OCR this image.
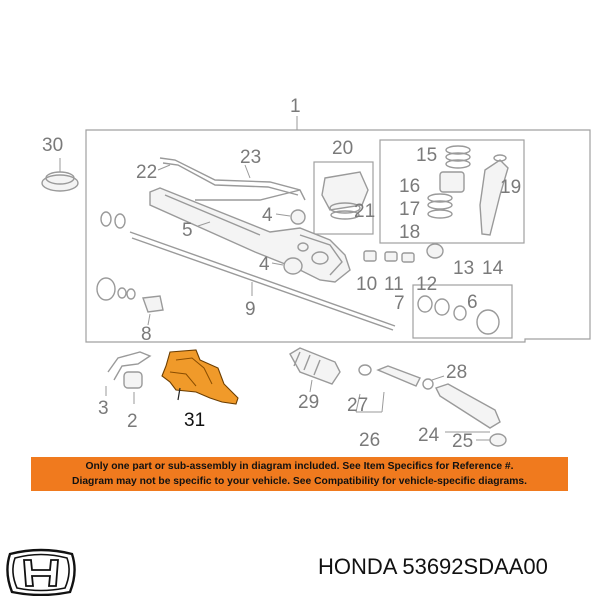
1
2
3
4
4
5
6
7
8
9
10 11 12
13 14
15
16
17
18
19
20
21
22
23
24 25
26
27
28
29
30
31
Only one part or sub-assembly in diagram included. See Item Specifics for Reference #.
Diagram may not be specific to your vehicle. See Compatibility for vehicle-specific diagrams.
HONDA 53692SDAA00
